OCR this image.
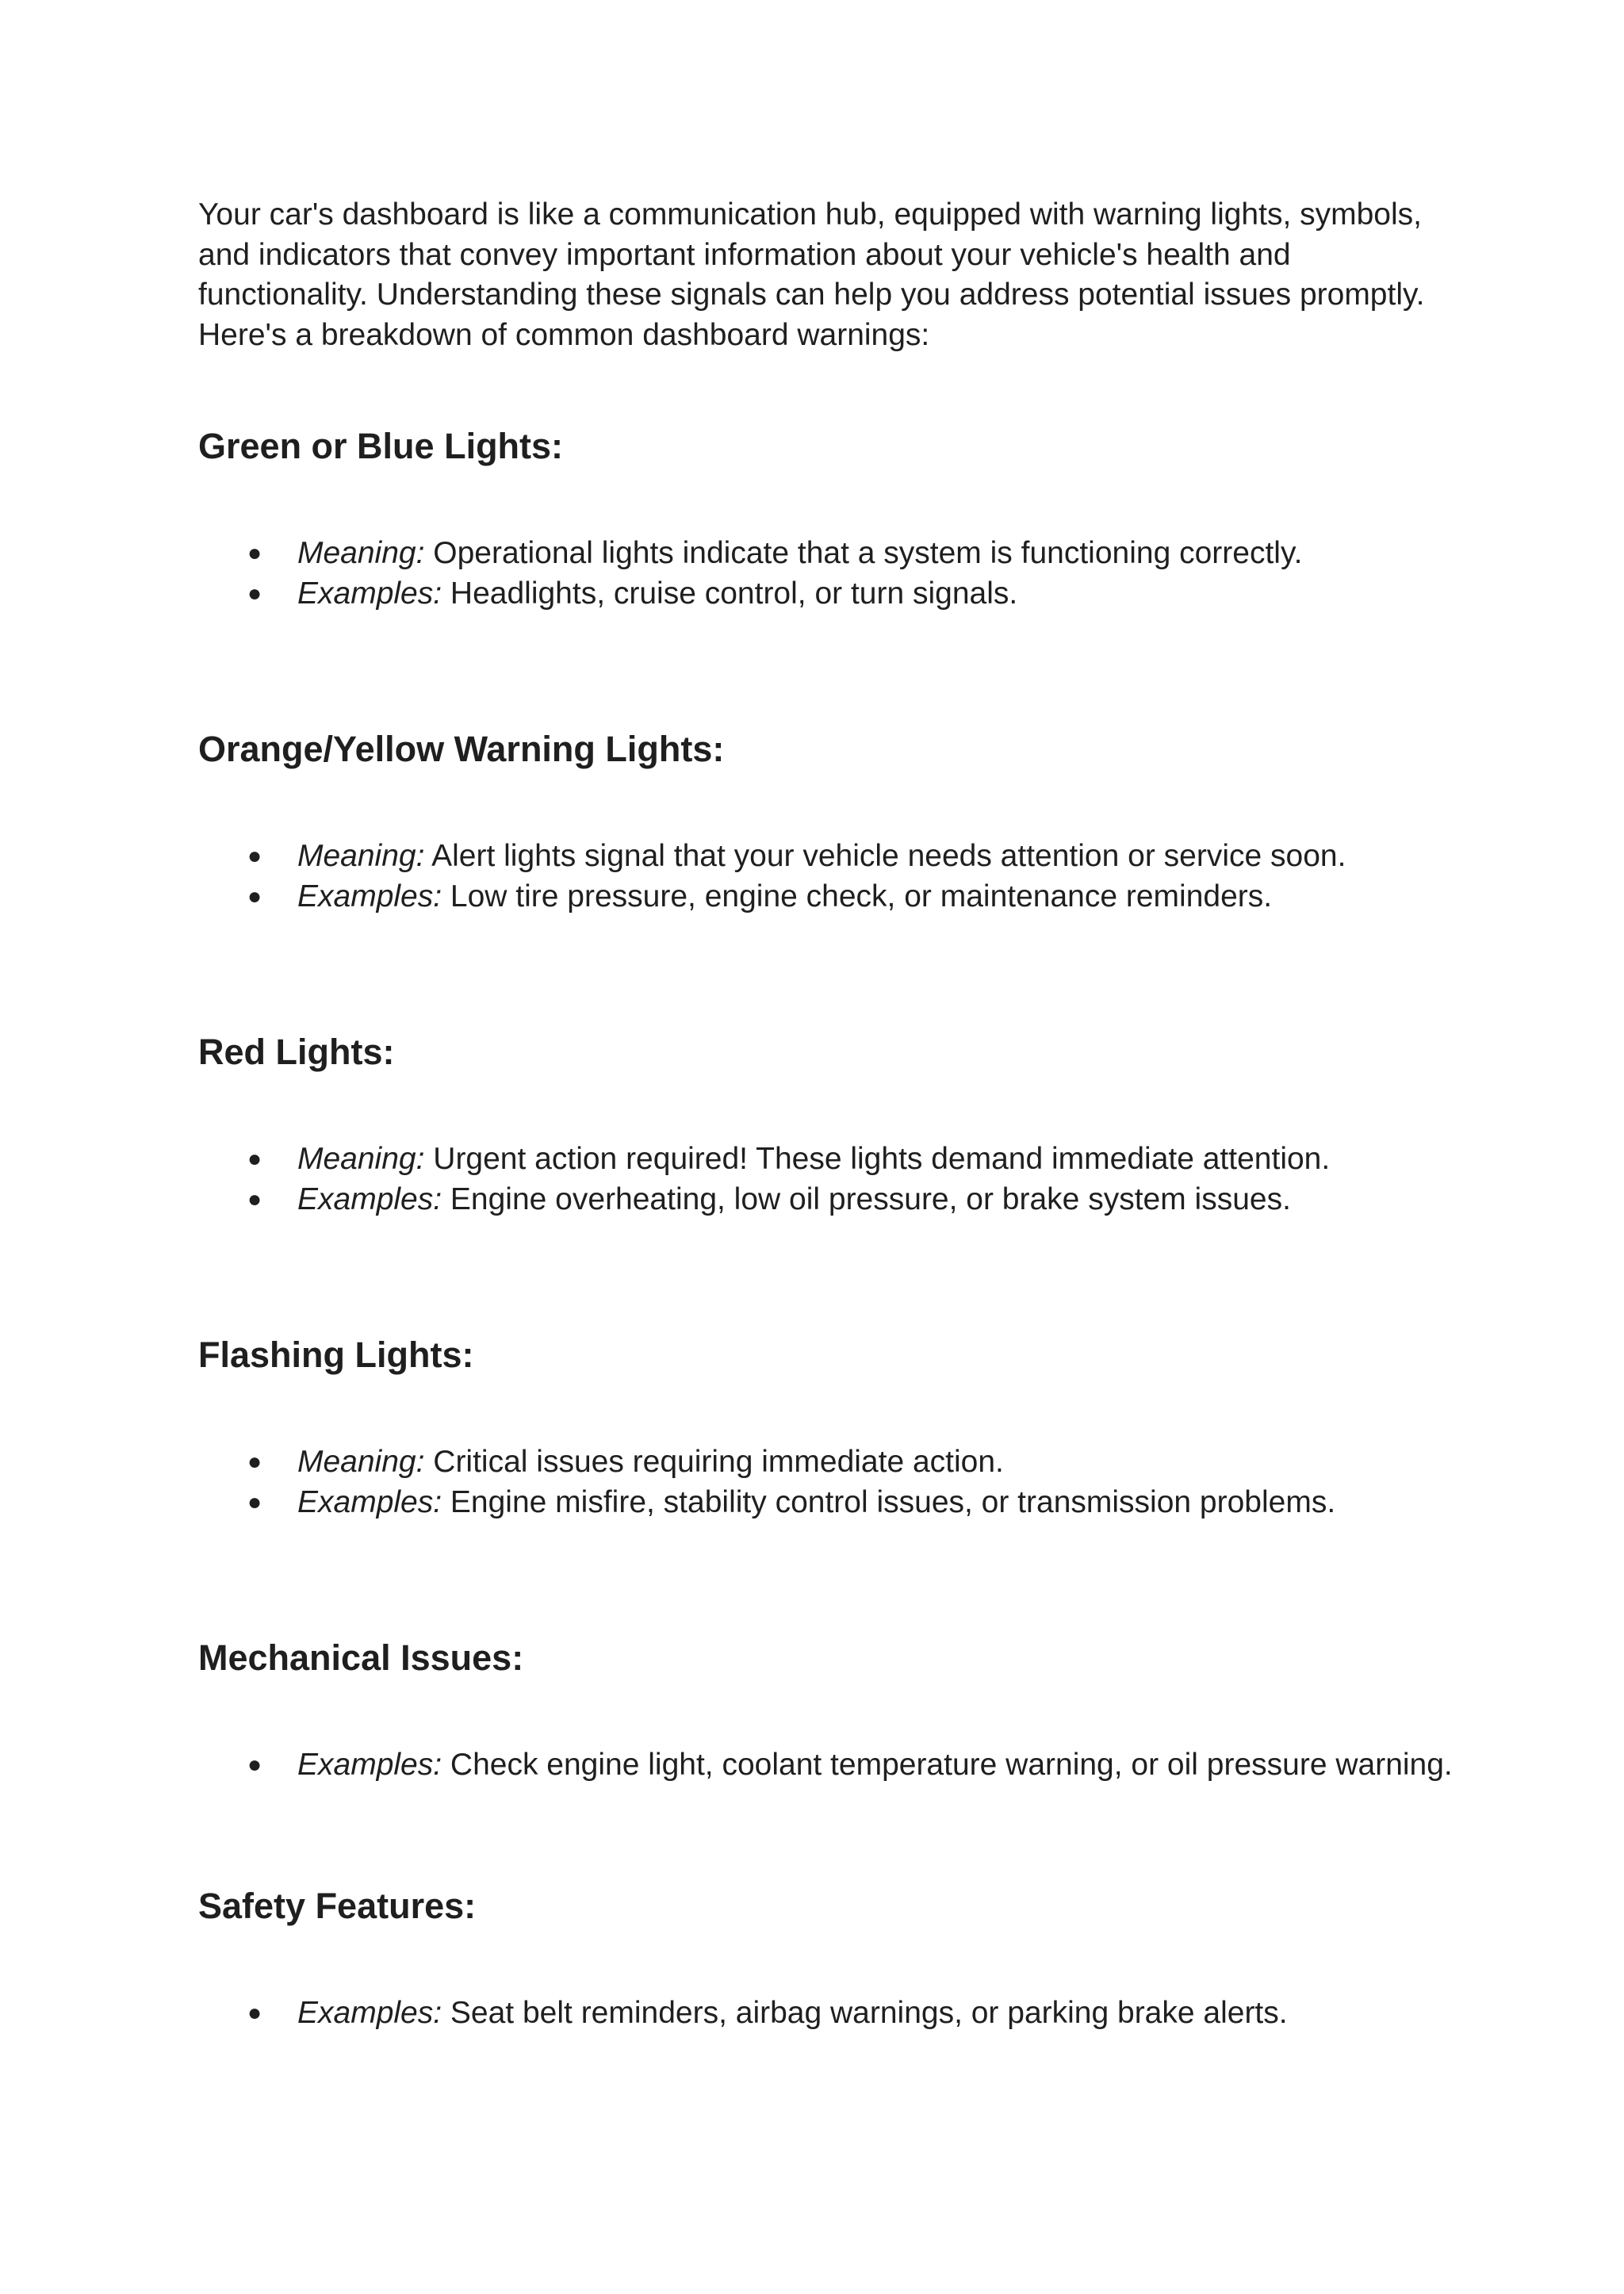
Your car's dashboard is like a communication hub, equipped with warning lights, symbols, and indicators that convey important information about your vehicle's health and functionality. Understanding these signals can help you address potential issues promptly. Here's a breakdown of common dashboard warnings:

Green or Blue Lights:
● Meaning: Operational lights indicate that a system is functioning correctly.
● Examples: Headlights, cruise control, or turn signals.
Orange/Yellow Warning Lights:
● Meaning: Alert lights signal that your vehicle needs attention or service soon.
● Examples: Low tire pressure, engine check, or maintenance reminders.
Red Lights:
● Meaning: Urgent action required! These lights demand immediate attention.
● Examples: Engine overheating, low oil pressure, or brake system issues.
Flashing Lights:
● Meaning: Critical issues requiring immediate action.
● Examples: Engine misfire, stability control issues, or transmission problems.
Mechanical Issues:
● Examples: Check engine light, coolant temperature warning, or oil pressure warning.
Safety Features:
● Examples: Seat belt reminders, airbag warnings, or parking brake alerts.
